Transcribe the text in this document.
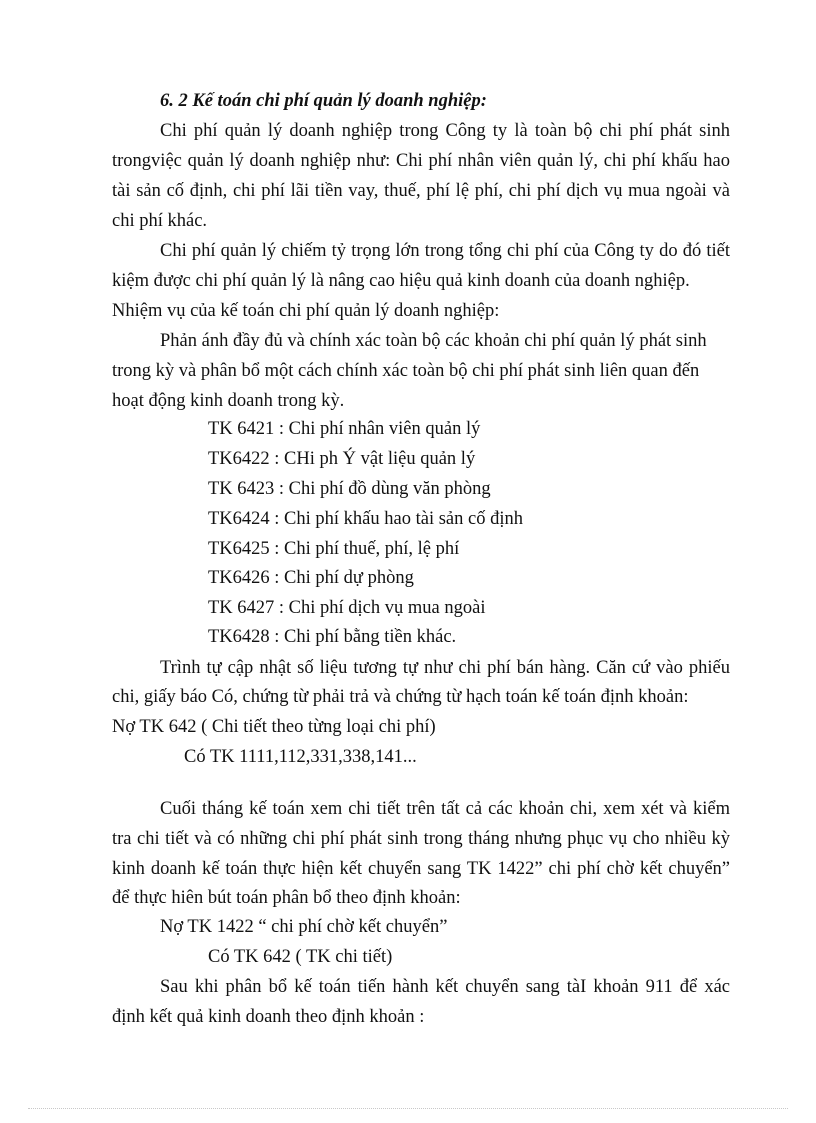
6. 2 Kế toán chi phí quản lý doanh nghiệp:

Chi phí quản lý doanh nghiệp trong Công ty là toàn bộ chi phí phát sinh

trongviệc quản lý doanh nghiệp như: Chi phí nhân viên quản lý, chi phí khấu hao

tài sản cố định, chi phí lãi tiền vay, thuế, phí lệ phí, chi phí dịch vụ mua ngoài và

chi phí khác.

Chi phí quản lý chiếm tỷ trọng lớn trong tổng chi phí của Công ty do đó tiết

kiệm được chi phí quản lý là nâng cao hiệu quả kinh doanh của doanh nghiệp.

Nhiệm vụ của kế toán chi phí quản lý doanh nghiệp:

Phản ánh đầy đủ và chính xác toàn bộ các khoản chi phí quản lý phát sinh

trong kỳ và phân bổ một cách chính xác toàn bộ chi phí phát sinh liên quan đến

hoạt động kinh doanh trong kỳ.

TK 6421 : Chi phí nhân viên quản lý

TK6422 : CHi ph Ý vật liệu quản lý

TK 6423 : Chi phí đồ dùng văn phòng

TK6424 : Chi phí khấu hao tài sản cố định

TK6425 : Chi phí thuế, phí, lệ phí

TK6426 : Chi phí dự phòng

TK 6427 : Chi phí dịch vụ mua ngoài

TK6428 : Chi phí bằng tiền khác.

Trình tự cập nhật số liệu tương tự như chi phí bán hàng. Căn cứ vào phiếu

chi, giấy báo Có, chứng từ phải trả và chứng từ hạch toán kế toán định khoản:

Nợ TK 642 ( Chi tiết theo từng loại chi phí)

Có TK 1111,112,331,338,141...

Cuối tháng kế toán xem chi tiết trên tất cả các khoản chi, xem xét và kiểm

tra chi tiết và có những chi phí phát sinh trong tháng nhưng phục vụ cho nhiều kỳ

kinh doanh kế toán thực hiện kết chuyển sang TK 1422” chi phí chờ kết chuyển”

để thực hiên bút toán phân bổ theo định khoản:

Nợ TK 1422 “ chi phí chờ kết chuyển”

Có TK 642 ( TK chi tiết)

Sau khi phân bổ kế toán tiến hành kết chuyển sang tàI khoản 911 để xác

định kết quả kinh doanh theo định khoản :
